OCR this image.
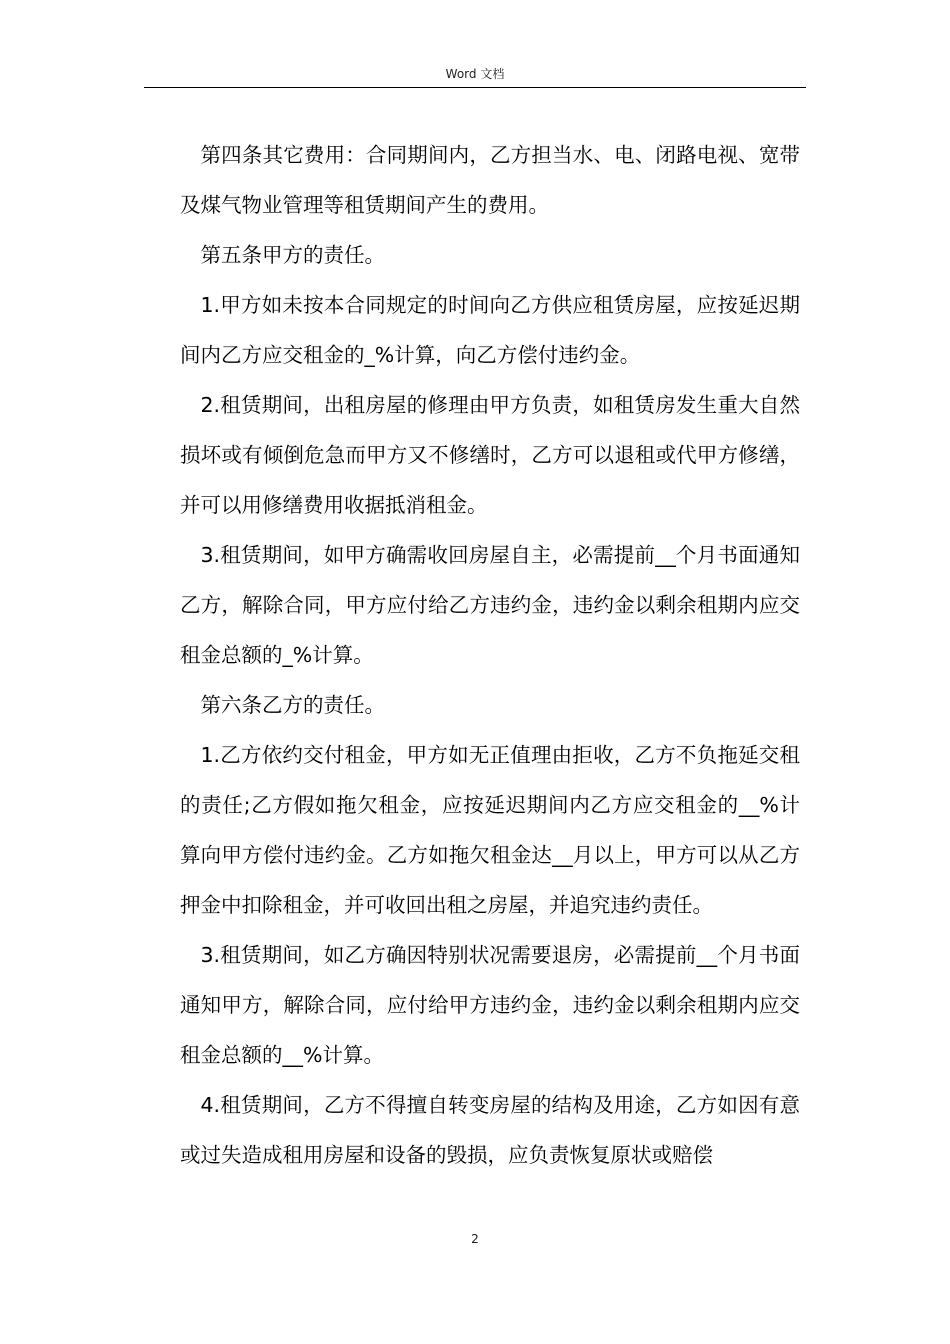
Word 文档

第四条其它费用：合同期间内，乙方担当水、电、闭路电视、宽带及煤气物业管理等租赁期间产生的费用。

第五条甲方的责任。

1.甲方如未按本合同规定的时间向乙方供应租赁房屋，应按延迟期间内乙方应交租金的_%计算，向乙方偿付违约金。

2.租赁期间，出租房屋的修理由甲方负责，如租赁房发生重大自然损坏或有倾倒危急而甲方又不修缮时，乙方可以退租或代甲方修缮，并可以用修缮费用收据抵消租金。

3.租赁期间，如甲方确需收回房屋自主，必需提前__个月书面通知乙方，解除合同，甲方应付给乙方违约金，违约金以剩余租期内应交租金总额的_%计算。

第六条乙方的责任。

1.乙方依约交付租金，甲方如无正值理由拒收，乙方不负拖延交租的责任;乙方假如拖欠租金，应按延迟期间内乙方应交租金的__%计算向甲方偿付违约金。乙方如拖欠租金达__月以上，甲方可以从乙方押金中扣除租金，并可收回出租之房屋，并追究违约责任。

3.租赁期间，如乙方确因特别状况需要退房，必需提前__个月书面通知甲方，解除合同，应付给甲方违约金，违约金以剩余租期内应交租金总额的__%计算。

4.租赁期间，乙方不得擅自转变房屋的结构及用途，乙方如因有意或过失造成租用房屋和设备的毁损，应负责恢复原状或赔偿

2
